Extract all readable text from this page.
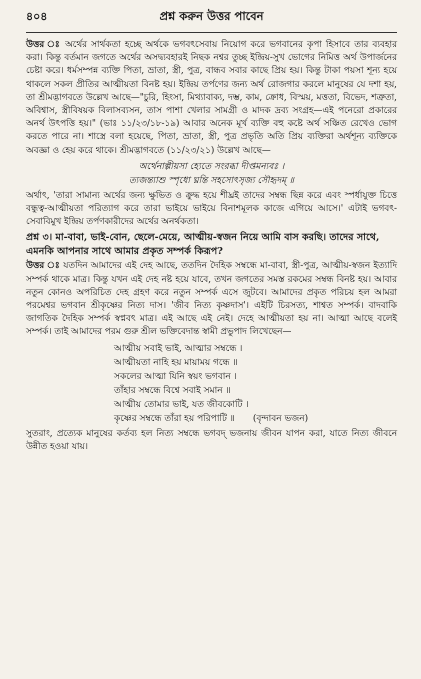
৪০৪	প্রশ্ন করুন উত্তর পাবেন

উত্তর ঃ অর্থের সার্থকতা হচ্ছে অর্থকে ভগবৎসেবায় নিয়োগ করে ভগবানের কৃপা হিসাবে তার ব্যবহার করা। কিন্তু বর্তমান জগতে অর্থের অসদ্ব্যবহারই নিছক নশ্বর তুচ্ছ ইন্দ্রিয়-সুখ ভোগের নিমিত্ত অর্থ উপার্জনের চেষ্টা করে। ধর্মসম্পন্ন ব্যক্তি পিতা, ভ্রাতা, স্ত্রী, পুত্র, বান্ধব সবার কাছে প্রিয় হয়। কিন্তু টাকা পয়সা শূন্য হয়ে থাকলে সকল প্রীতির আত্মীয়তা বিনষ্ট হয়। ইন্দ্রিয় তর্পণের জন্য অর্থ রোজগার করলে মানুষের যে দশা হয়, তা শ্রীমদ্ভাগবতে উল্লেখ আছে—"চুরি, হিংসা, মিথ্যাবাক্য, দম্ভ, কাম, ক্রোধ, বিস্ময়, মত্ততা, বিভেদ, শত্রুতা, অবিশ্বাস, স্ত্রীবিষয়ক বিলাসব্যসন, তাস পাশা খেলার সামগ্রী ও মাদক দ্রব্য সংগ্রহ—এই পনেরো প্রকারের অনর্থ উৎপত্তি হয়।" (ভাঃ ১১/২৩/১৮-১৯) আবার অনেক মূর্খ ব্যক্তি বহু কষ্টে অর্থ সঞ্চিত রেখেও ভোগ করতে পারে না। শাস্ত্রে বলা হয়েছে, পিতা, ভ্রাতা, স্ত্রী, পুত্র প্রভৃতি অতি প্রিয় ব্যক্তিরা অর্থশূন্য ব্যক্তিকে অবজ্ঞা ও হেয় করে থাকে। শ্রীমদ্ভাগবতে (১১/২৩/২১) উল্লেখ আছে—

অর্থেনাল্পীয়সা হ্যেতে সংরব্ধা দীপ্তমন্যবঃ ।
ত্যজন্ত্যাশু স্পৃধো ঘ্নন্তি সহসোৎসৃজ্য সৌহৃদম্ ॥

অর্থাৎ, 'তারা সামান্য অর্থের জন্য ক্ষুভিত ও ক্রুদ্ধ হয়ে শীঘ্রই তাদের সম্বন্ধ ছিন্ন করে এবং স্পর্ধাযুক্ত চিত্তে বন্ধুত্ব-আত্মীয়তা পরিত্যাগ করে তারা ভাইয়ে ভাইয়ে বিনাশমূলক কাজে এগিয়ে আসে।' এটাই ভগবৎ-সেবাবিমুখ ইন্দ্রিয় তর্পণকারীদের অর্থের অনর্থকতা।

প্রশ্ন ৩। মা-বাবা, ভাই-বোন, ছেলে-মেয়ে, আত্মীয়-স্বজন নিয়ে আমি বাস করছি। তাদের সাথে, এমনকি আপনার সাথে আমার প্রকৃত সম্পর্ক কিরূপ?

উত্তর ঃ যতদিন আমাদের এই দেহ আছে, ততদিন দৈহিক সম্বন্ধে মা-বাবা, স্ত্রী-পুত্র, আত্মীয়-স্বজন ইত্যাদি সম্পর্ক থাকে মাত্র। কিন্তু যখন এই দেহ নষ্ট হয়ে যাবে, তখন জগতের সমস্ত রকমের সম্বন্ধ বিনষ্ট হয়। আবার নতুন কোনও অপরিচিত দেহ গ্রহণ করে নতুন সম্পর্ক এসে জুটবে। আমাদের প্রকৃত পরিচয় হল আমরা পরমেশ্বর ভগবান শ্রীকৃষ্ণের নিত্য দাস। 'জীব নিত্য কৃষ্ণদাস'। এইটি চিরসত্য, শাশ্বত সম্পর্ক। বাদবাকি জাগতিক দৈহিক সম্পর্ক স্বপ্নবৎ মাত্র। এই আছে এই নেই। দেহে আত্মীয়তা হয় না। আত্মা আছে বলেই সম্পর্ক। তাই আমাদের পরম গুরু শ্রীল ভক্তিবেদান্ত স্বামী প্রভুপাদ লিখেছেন—

আত্মীয় সবাই ভাই, আত্মার সম্বন্ধে ।
আত্মীয়তা নাহি হয় মায়াময় গন্ধে ॥
সকলের আত্মা যিনি স্বয়ং ভগবান ।
তাঁহার সম্বন্ধে বিশ্বে সবাই সমান ॥
আত্মীয় তোমার ভাই, যত জীবকোটি ।
কৃষ্ণের সম্বন্ধে তাঁরা হয় পরিপাটি ॥ (বৃন্দাবন ভজন)

সুতরাং, প্রত্যেক মানুষের কর্তব্য হল নিত্য সম্বন্ধে ভগবদ্ ভজনায় জীবন যাপন করা, যাতে নিত্য জীবনে উন্নীত হওয়া যায়।
